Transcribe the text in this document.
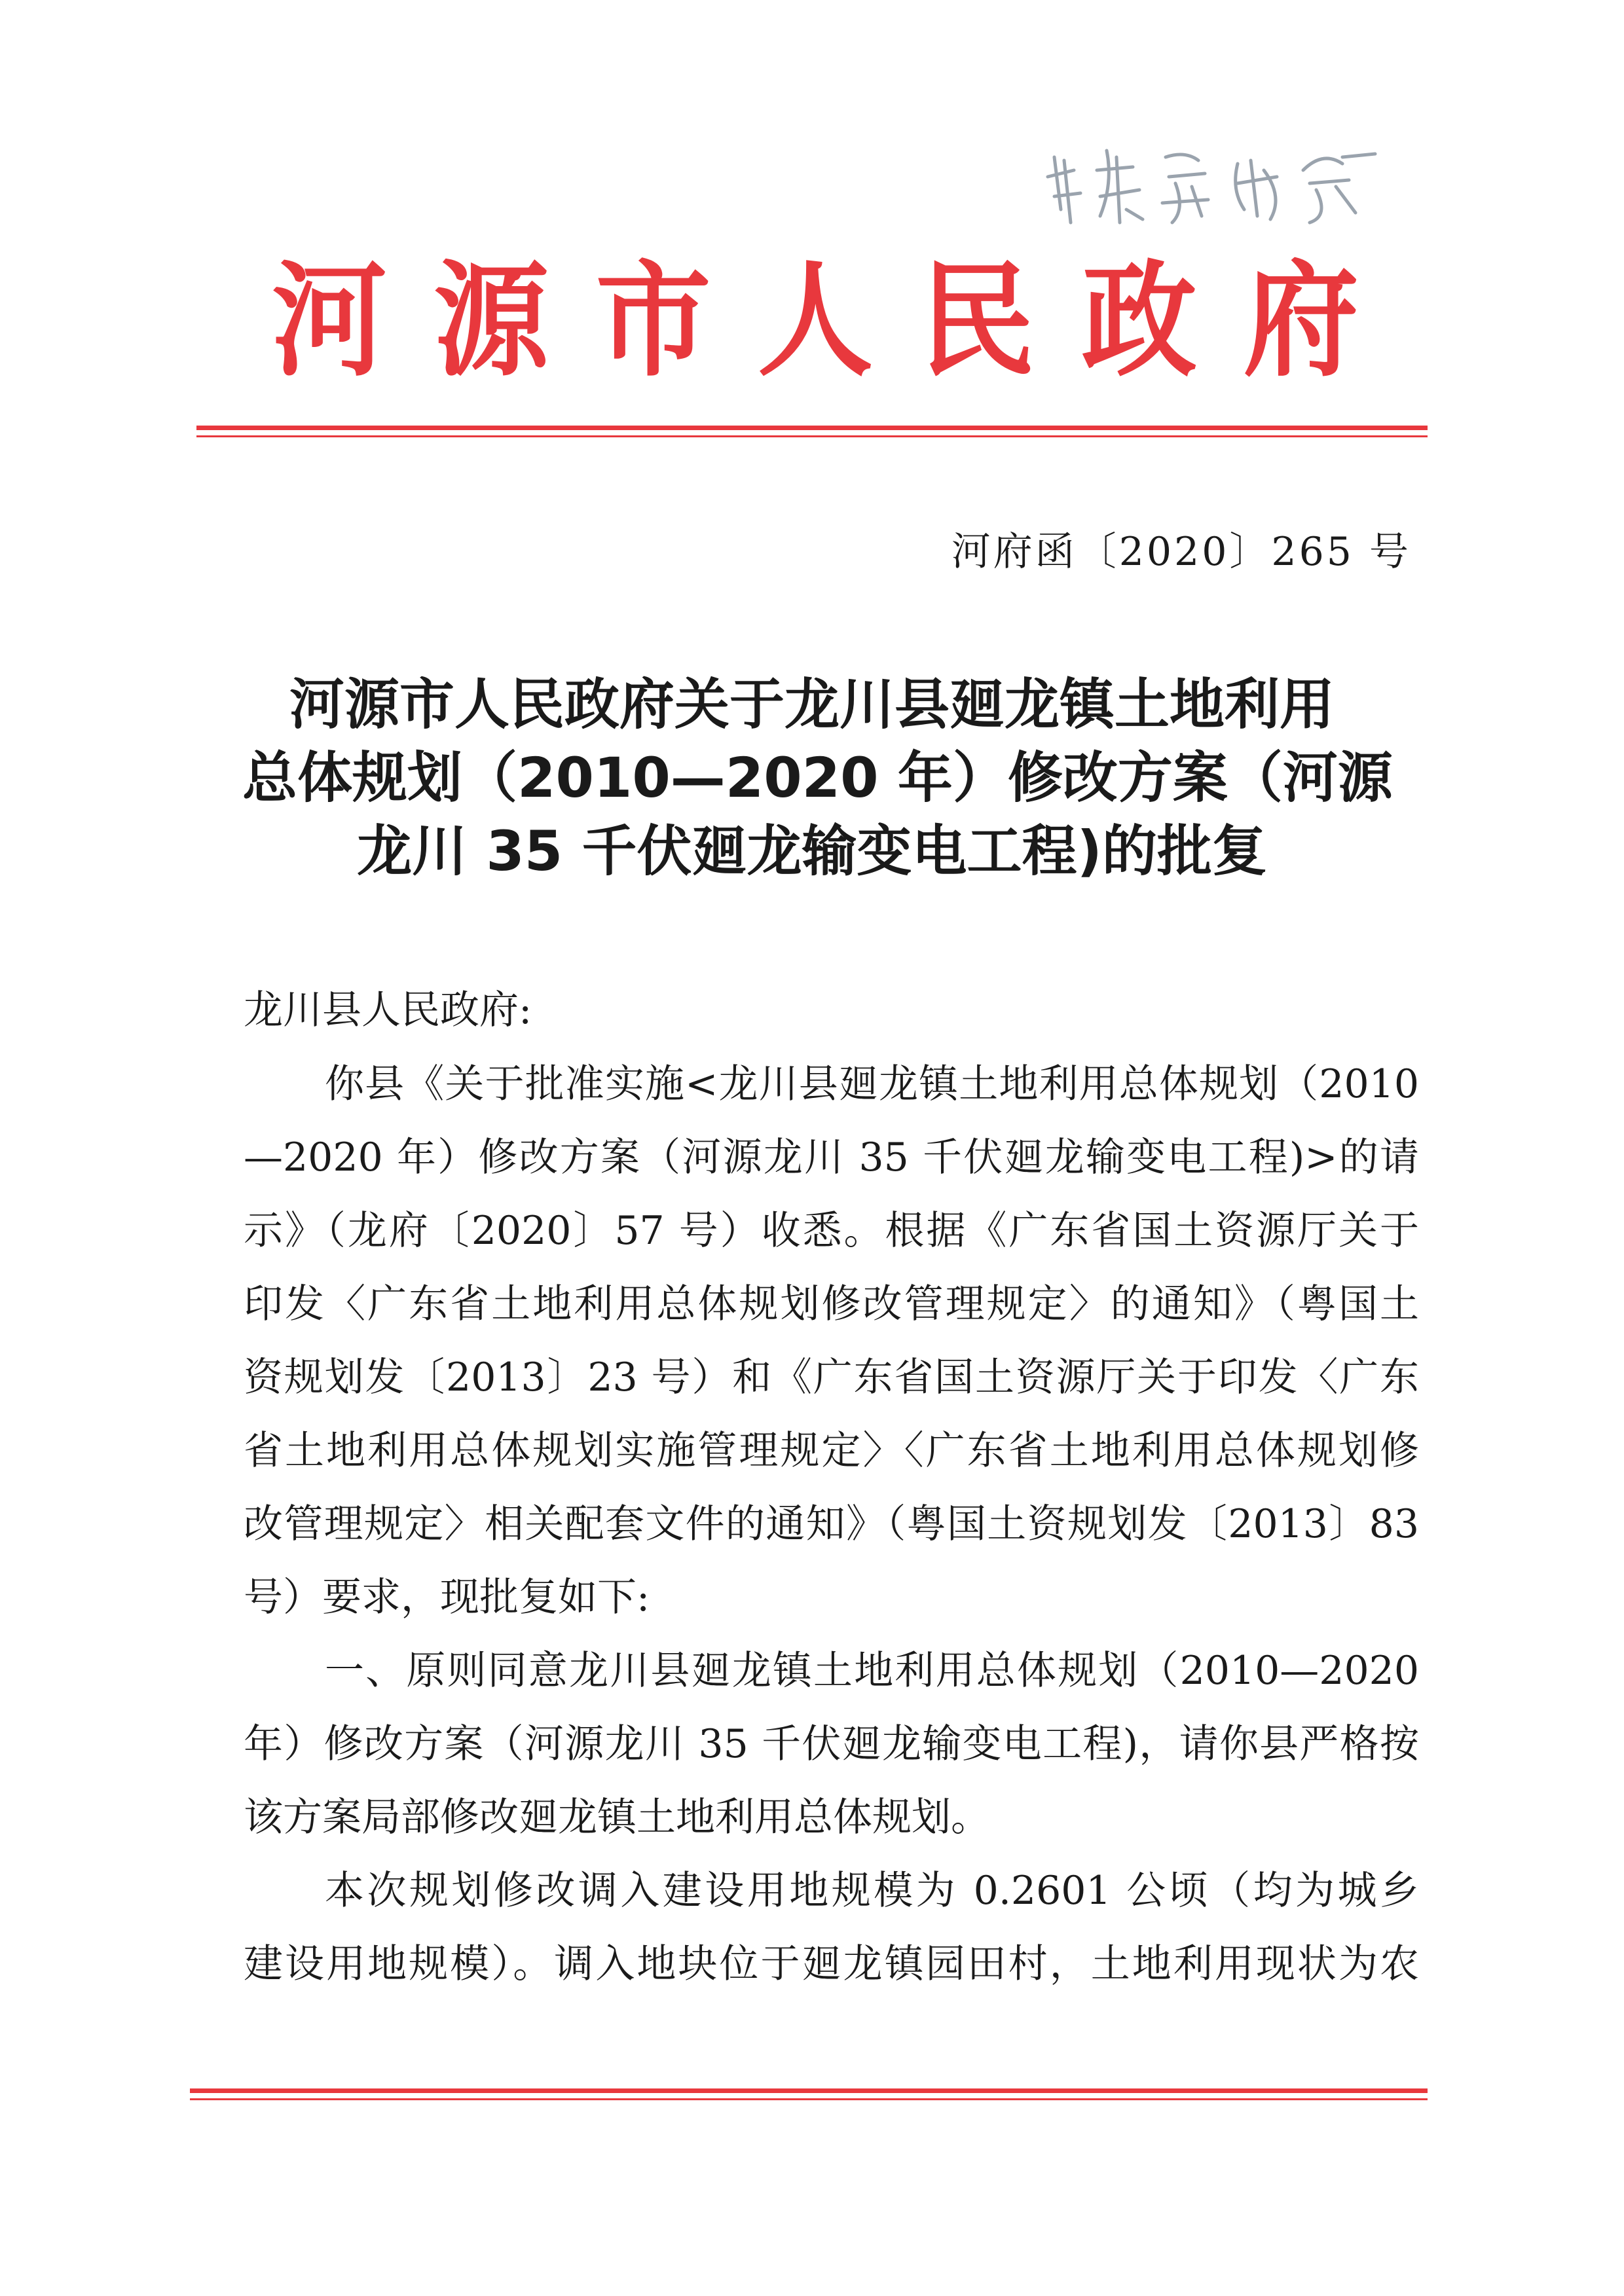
河 源 市 人 民 政 府
河府函〔2020〕265 号
河源市人民政府关于龙川县廻龙镇土地利用
总体规划（2010—2020 年）修改方案（河源
龙川 35 千伏廻龙输变电工程)的批复
龙川县人民政府:
你县《关于批准实施<龙川县廻龙镇土地利用总体规划（2010
—2020 年）修改方案（河源龙川 35 千伏廻龙输变电工程)>的请
示》（龙府〔2020〕57 号）收悉。根据《广东省国土资源厅关于
印发〈广东省土地利用总体规划修改管理规定〉的通知》（粤国土
资规划发〔2013〕23 号）和《广东省国土资源厅关于印发〈广东
省土地利用总体规划实施管理规定〉〈广东省土地利用总体规划修
改管理规定〉相关配套文件的通知》（粤国土资规划发〔2013〕83
号）要求，现批复如下:
一、原则同意龙川县廻龙镇土地利用总体规划（2010—2020
年）修改方案（河源龙川 35 千伏廻龙输变电工程)，请你县严格按
该方案局部修改廻龙镇土地利用总体规划。
本次规划修改调入建设用地规模为 0.2601 公顷（均为城乡
建设用地规模）。调入地块位于廻龙镇园田村，土地利用现状为农
